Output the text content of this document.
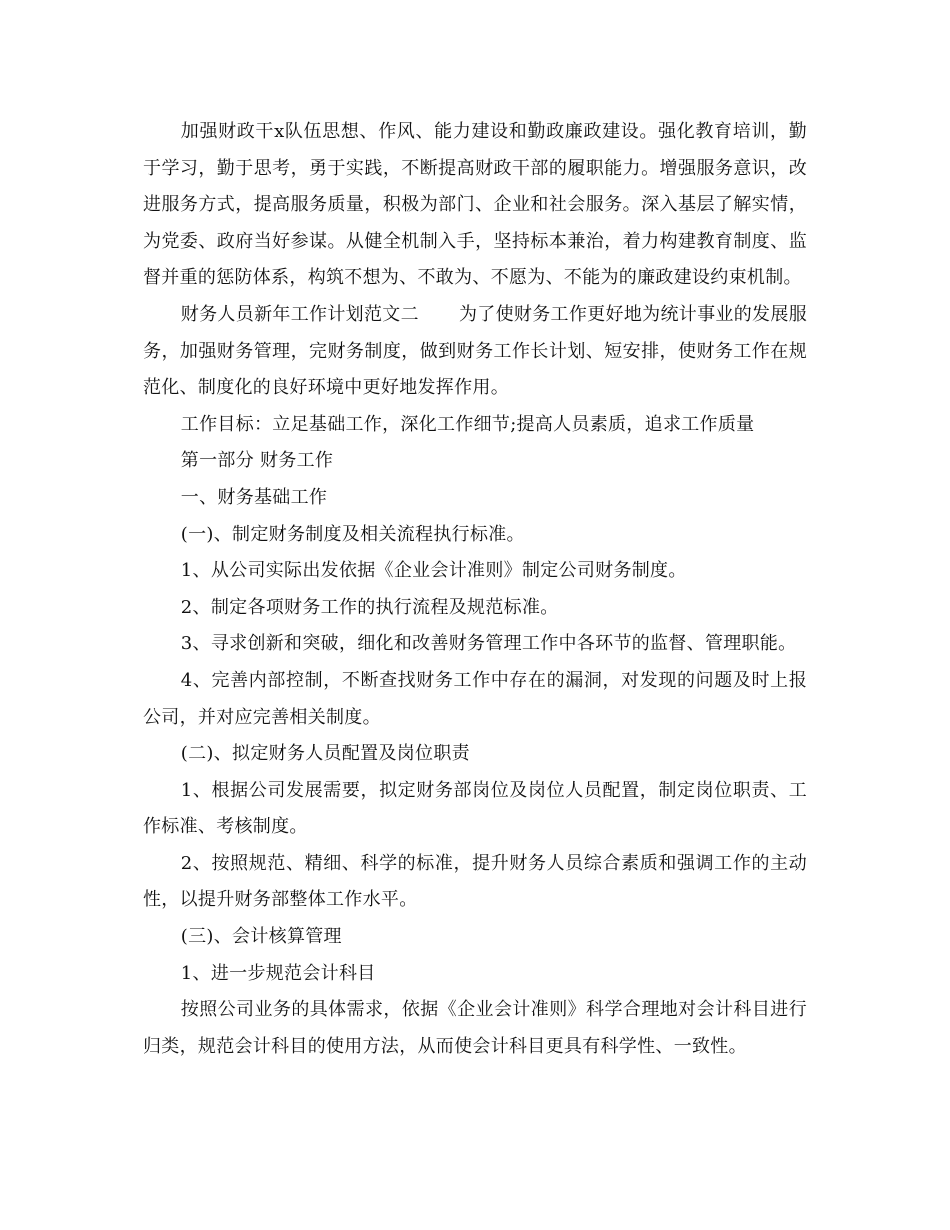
加强财政干x队伍思想、作风、能力建设和勤政廉政建设。强化教育培训，勤于学习，勤于思考，勇于实践，不断提高财政干部的履职能力。增强服务意识，改进服务方式，提高服务质量，积极为部门、企业和社会服务。深入基层了解实情，为党委、政府当好参谋。从健全机制入手，坚持标本兼治，着力构建教育制度、监督并重的惩防体系，构筑不想为、不敢为、不愿为、不能为的廉政建设约束机制。

财务人员新年工作计划范文二 为了使财务工作更好地为统计事业的发展服务，加强财务管理，完财务制度，做到财务工作长计划、短安排，使财务工作在规范化、制度化的良好环境中更好地发挥作用。

工作目标：立足基础工作，深化工作细节;提高人员素质，追求工作质量

第一部分 财务工作

一、财务基础工作

(一)、制定财务制度及相关流程执行标准。

1、从公司实际出发依据《企业会计准则》制定公司财务制度。

2、制定各项财务工作的执行流程及规范标准。

3、寻求创新和突破，细化和改善财务管理工作中各环节的监督、管理职能。

4、完善内部控制，不断查找财务工作中存在的漏洞，对发现的问题及时上报公司，并对应完善相关制度。

(二)、拟定财务人员配置及岗位职责

1、根据公司发展需要，拟定财务部岗位及岗位人员配置，制定岗位职责、工作标准、考核制度。

2、按照规范、精细、科学的标准，提升财务人员综合素质和强调工作的主动性，以提升财务部整体工作水平。

(三)、会计核算管理

1、进一步规范会计科目

按照公司业务的具体需求，依据《企业会计准则》科学合理地对会计科目进行归类，规范会计科目的使用方法，从而使会计科目更具有科学性、一致性。
